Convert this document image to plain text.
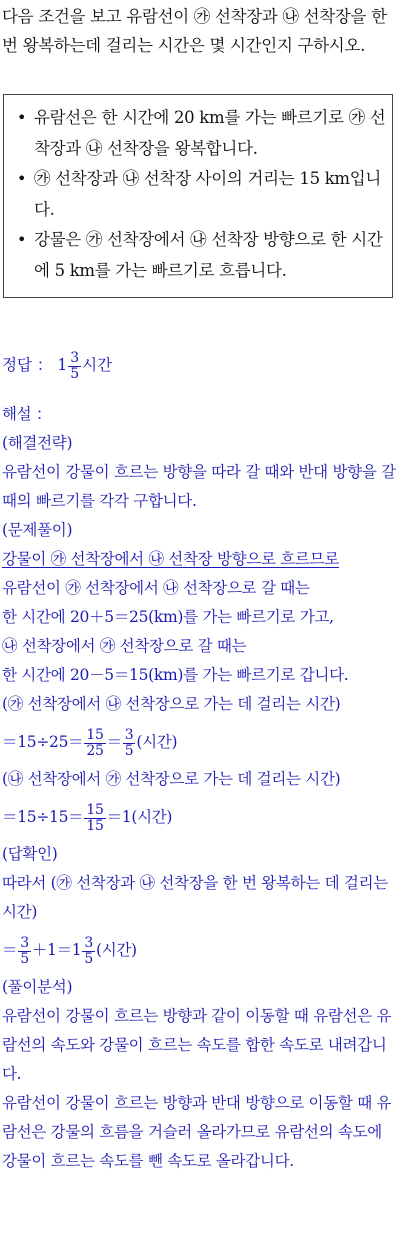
다음 조건을 보고 유람선이 ㉮ 선착장과 ㉯ 선착장을 한 번 왕복하는데 걸리는 시간은 몇 시간인지 구하시오.
• 유람선은 한 시간에 20 km를 가는 빠르기로 ㉮ 선착장과 ㉯ 선착장을 왕복합니다.
• ㉮ 선착장과 ㉯ 선착장 사이의 거리는 15 km입니다.
• 강물은 ㉮ 선착장에서 ㉯ 선착장 방향으로 한 시간에 5 km를 가는 빠르기로 흐릅니다.
정답 ： $1 \frac{3}{5}$ 시간
해설 ：
(해결전략)
유람선이 강물이 흐르는 방향을 따라 갈 때와 반대 방향을 갈 때의 빠르기를 각각 구합니다.
(문제풀이)
강물이 ㉮ 선착장에서 ㉯ 선착장 방향으로 흐르므로
유람선이 ㉮ 선착장에서 ㉯ 선착장으로 갈 때는
한 시간에 20＋5＝25(km)를 가는 빠르기로 가고,
㉯ 선착장에서 ㉮ 선착장으로 갈 때는
한 시간에 20－5＝15(km)를 가는 빠르기로 갑니다.
(㉮ 선착장에서 ㉯ 선착장으로 가는 데 걸리는 시간)
$=15\div 25= \frac{15}{25} = \frac{3}{5}$ (시간)
(㉯ 선착장에서 ㉮ 선착장으로 가는 데 걸리는 시간)
$=15\div 15= \frac{15}{15} =1$(시간)
(답확인)
따라서 (㉮ 선착장과 ㉯ 선착장을 한 번 왕복하는 데 걸리는 시간)
＝ $\frac{3}{5} +1=1 \frac{3}{5}$ (시간)
(풀이분석)
유람선이 강물이 흐르는 방향과 같이 이동할 때 유람선은 유람선의 속도와 강물이 흐르는 속도를 합한 속도로 내려갑니다.
유람선이 강물이 흐르는 방향과 반대 방향으로 이동할 때 유람선은 강물의 흐름을 거슬러 올라가므로 유람선의 속도에 강물이 흐르는 속도를 뺀 속도로 올라갑니다.
